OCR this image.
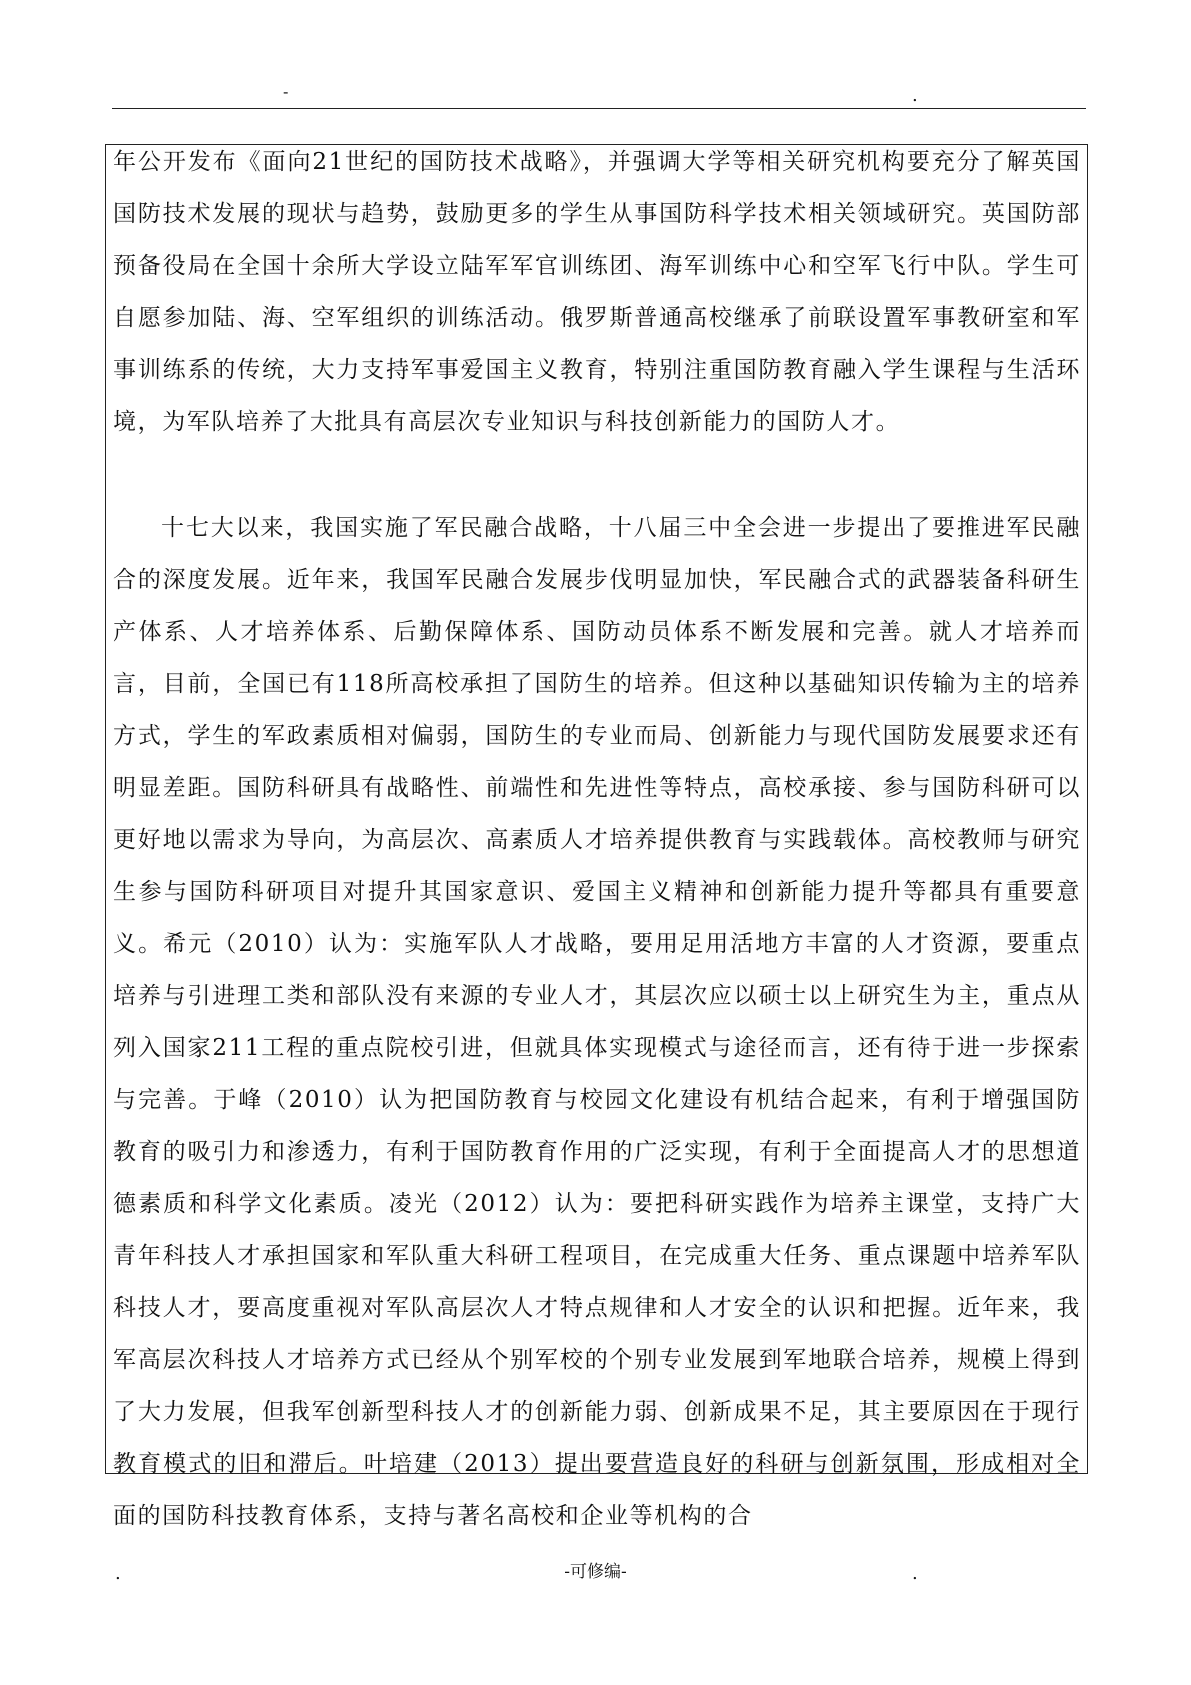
-	.

年公开发布《面向21世纪的国防技术战略》，并强调大学等相关研究机构要充分了解英国国防技术发展的现状与趋势，鼓励更多的学生从事国防科学技术相关领域研究。英国防部预备役局在全国十余所大学设立陆军军官训练团、海军训练中心和空军飞行中队。学生可自愿参加陆、海、空军组织的训练活动。俄罗斯普通高校继承了前联设置军事教研室和军事训练系的传统，大力支持军事爱国主义教育，特别注重国防教育融入学生课程与生活环境，为军队培养了大批具有高层次专业知识与科技创新能力的国防人才。

十七大以来，我国实施了军民融合战略，十八届三中全会进一步提出了要推进军民融合的深度发展。近年来，我国军民融合发展步伐明显加快，军民融合式的武器装备科研生产体系、人才培养体系、后勤保障体系、国防动员体系不断发展和完善。就人才培养而言，目前，全国已有118所高校承担了国防生的培养。但这种以基础知识传输为主的培养方式，学生的军政素质相对偏弱，国防生的专业而局、创新能力与现代国防发展要求还有明显差距。国防科研具有战略性、前端性和先进性等特点，高校承接、参与国防科研可以更好地以需求为导向，为高层次、高素质人才培养提供教育与实践载体。高校教师与研究生参与国防科研项目对提升其国家意识、爱国主义精神和创新能力提升等都具有重要意义。希元（2010）认为：实施军队人才战略，要用足用活地方丰富的人才资源，要重点培养与引进理工类和部队没有来源的专业人才，其层次应以硕士以上研究生为主，重点从列入国家211工程的重点院校引进，但就具体实现模式与途径而言，还有待于进一步探索与完善。于峰（2010）认为把国防教育与校园文化建设有机结合起来，有利于增强国防教育的吸引力和渗透力，有利于国防教育作用的广泛实现，有利于全面提高人才的思想道德素质和科学文化素质。凌光（2012）认为：要把科研实践作为培养主课堂，支持广大青年科技人才承担国家和军队重大科研工程项目，在完成重大任务、重点课题中培养军队科技人才，要高度重视对军队高层次人才特点规律和人才安全的认识和把握。近年来，我军高层次科技人才培养方式已经从个别军校的个别专业发展到军地联合培养，规模上得到了大力发展，但我军创新型科技人才的创新能力弱、创新成果不足，其主要原因在于现行教育模式的旧和滞后。叶培建（2013）提出要营造良好的科研与创新氛围，形成相对全面的国防科技教育体系，支持与著名高校和企业等机构的合

.	-可修编-	.
